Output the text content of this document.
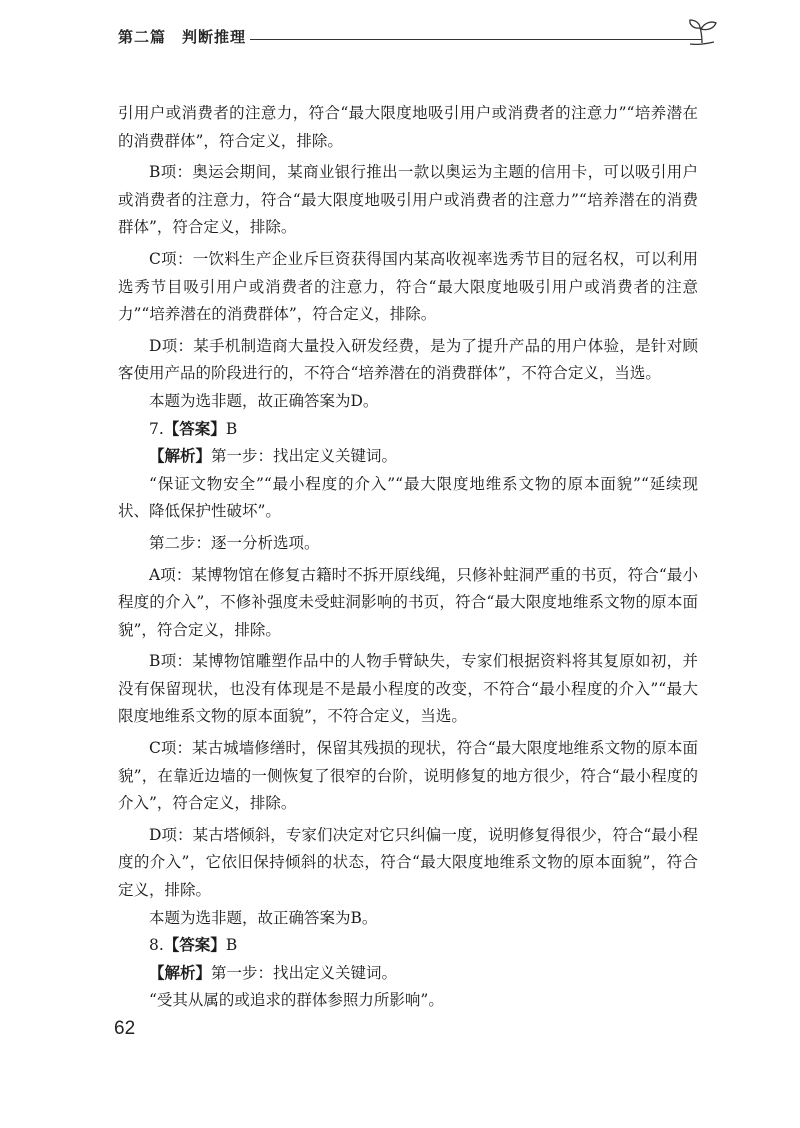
第二篇　判断推理

引用户或消费者的注意力，符合“最大限度地吸引用户或消费者的注意力”“培养潜在的消费群体”，符合定义，排除。

B项：奥运会期间，某商业银行推出一款以奥运为主题的信用卡，可以吸引用户或消费者的注意力，符合“最大限度地吸引用户或消费者的注意力”“培养潜在的消费群体”，符合定义，排除。

C项：一饮料生产企业斥巨资获得国内某高收视率选秀节目的冠名权，可以利用选秀节目吸引用户或消费者的注意力，符合“最大限度地吸引用户或消费者的注意力”“培养潜在的消费群体”，符合定义，排除。

D项：某手机制造商大量投入研发经费，是为了提升产品的用户体验，是针对顾客使用产品的阶段进行的，不符合“培养潜在的消费群体”，不符合定义，当选。

本题为选非题，故正确答案为D。

7.【答案】B

【解析】第一步：找出定义关键词。

“保证文物安全”“最小程度的介入”“最大限度地维系文物的原本面貌”“延续现状、降低保护性破坏”。

第二步：逐一分析选项。

A项：某博物馆在修复古籍时不拆开原线绳，只修补蛀洞严重的书页，符合“最小程度的介入”，不修补强度未受蛀洞影响的书页，符合“最大限度地维系文物的原本面貌”，符合定义，排除。

B项：某博物馆雕塑作品中的人物手臂缺失，专家们根据资料将其复原如初，并没有保留现状，也没有体现是不是最小程度的改变，不符合“最小程度的介入”“最大限度地维系文物的原本面貌”，不符合定义，当选。

C项：某古城墙修缮时，保留其残损的现状，符合“最大限度地维系文物的原本面貌”，在靠近边墙的一侧恢复了很窄的台阶，说明修复的地方很少，符合“最小程度的介入”，符合定义，排除。

D项：某古塔倾斜，专家们决定对它只纠偏一度，说明修复得很少，符合“最小程度的介入”，它依旧保持倾斜的状态，符合“最大限度地维系文物的原本面貌”，符合定义，排除。

本题为选非题，故正确答案为B。

8.【答案】B

【解析】第一步：找出定义关键词。

“受其从属的或追求的群体参照力所影响”。

62
